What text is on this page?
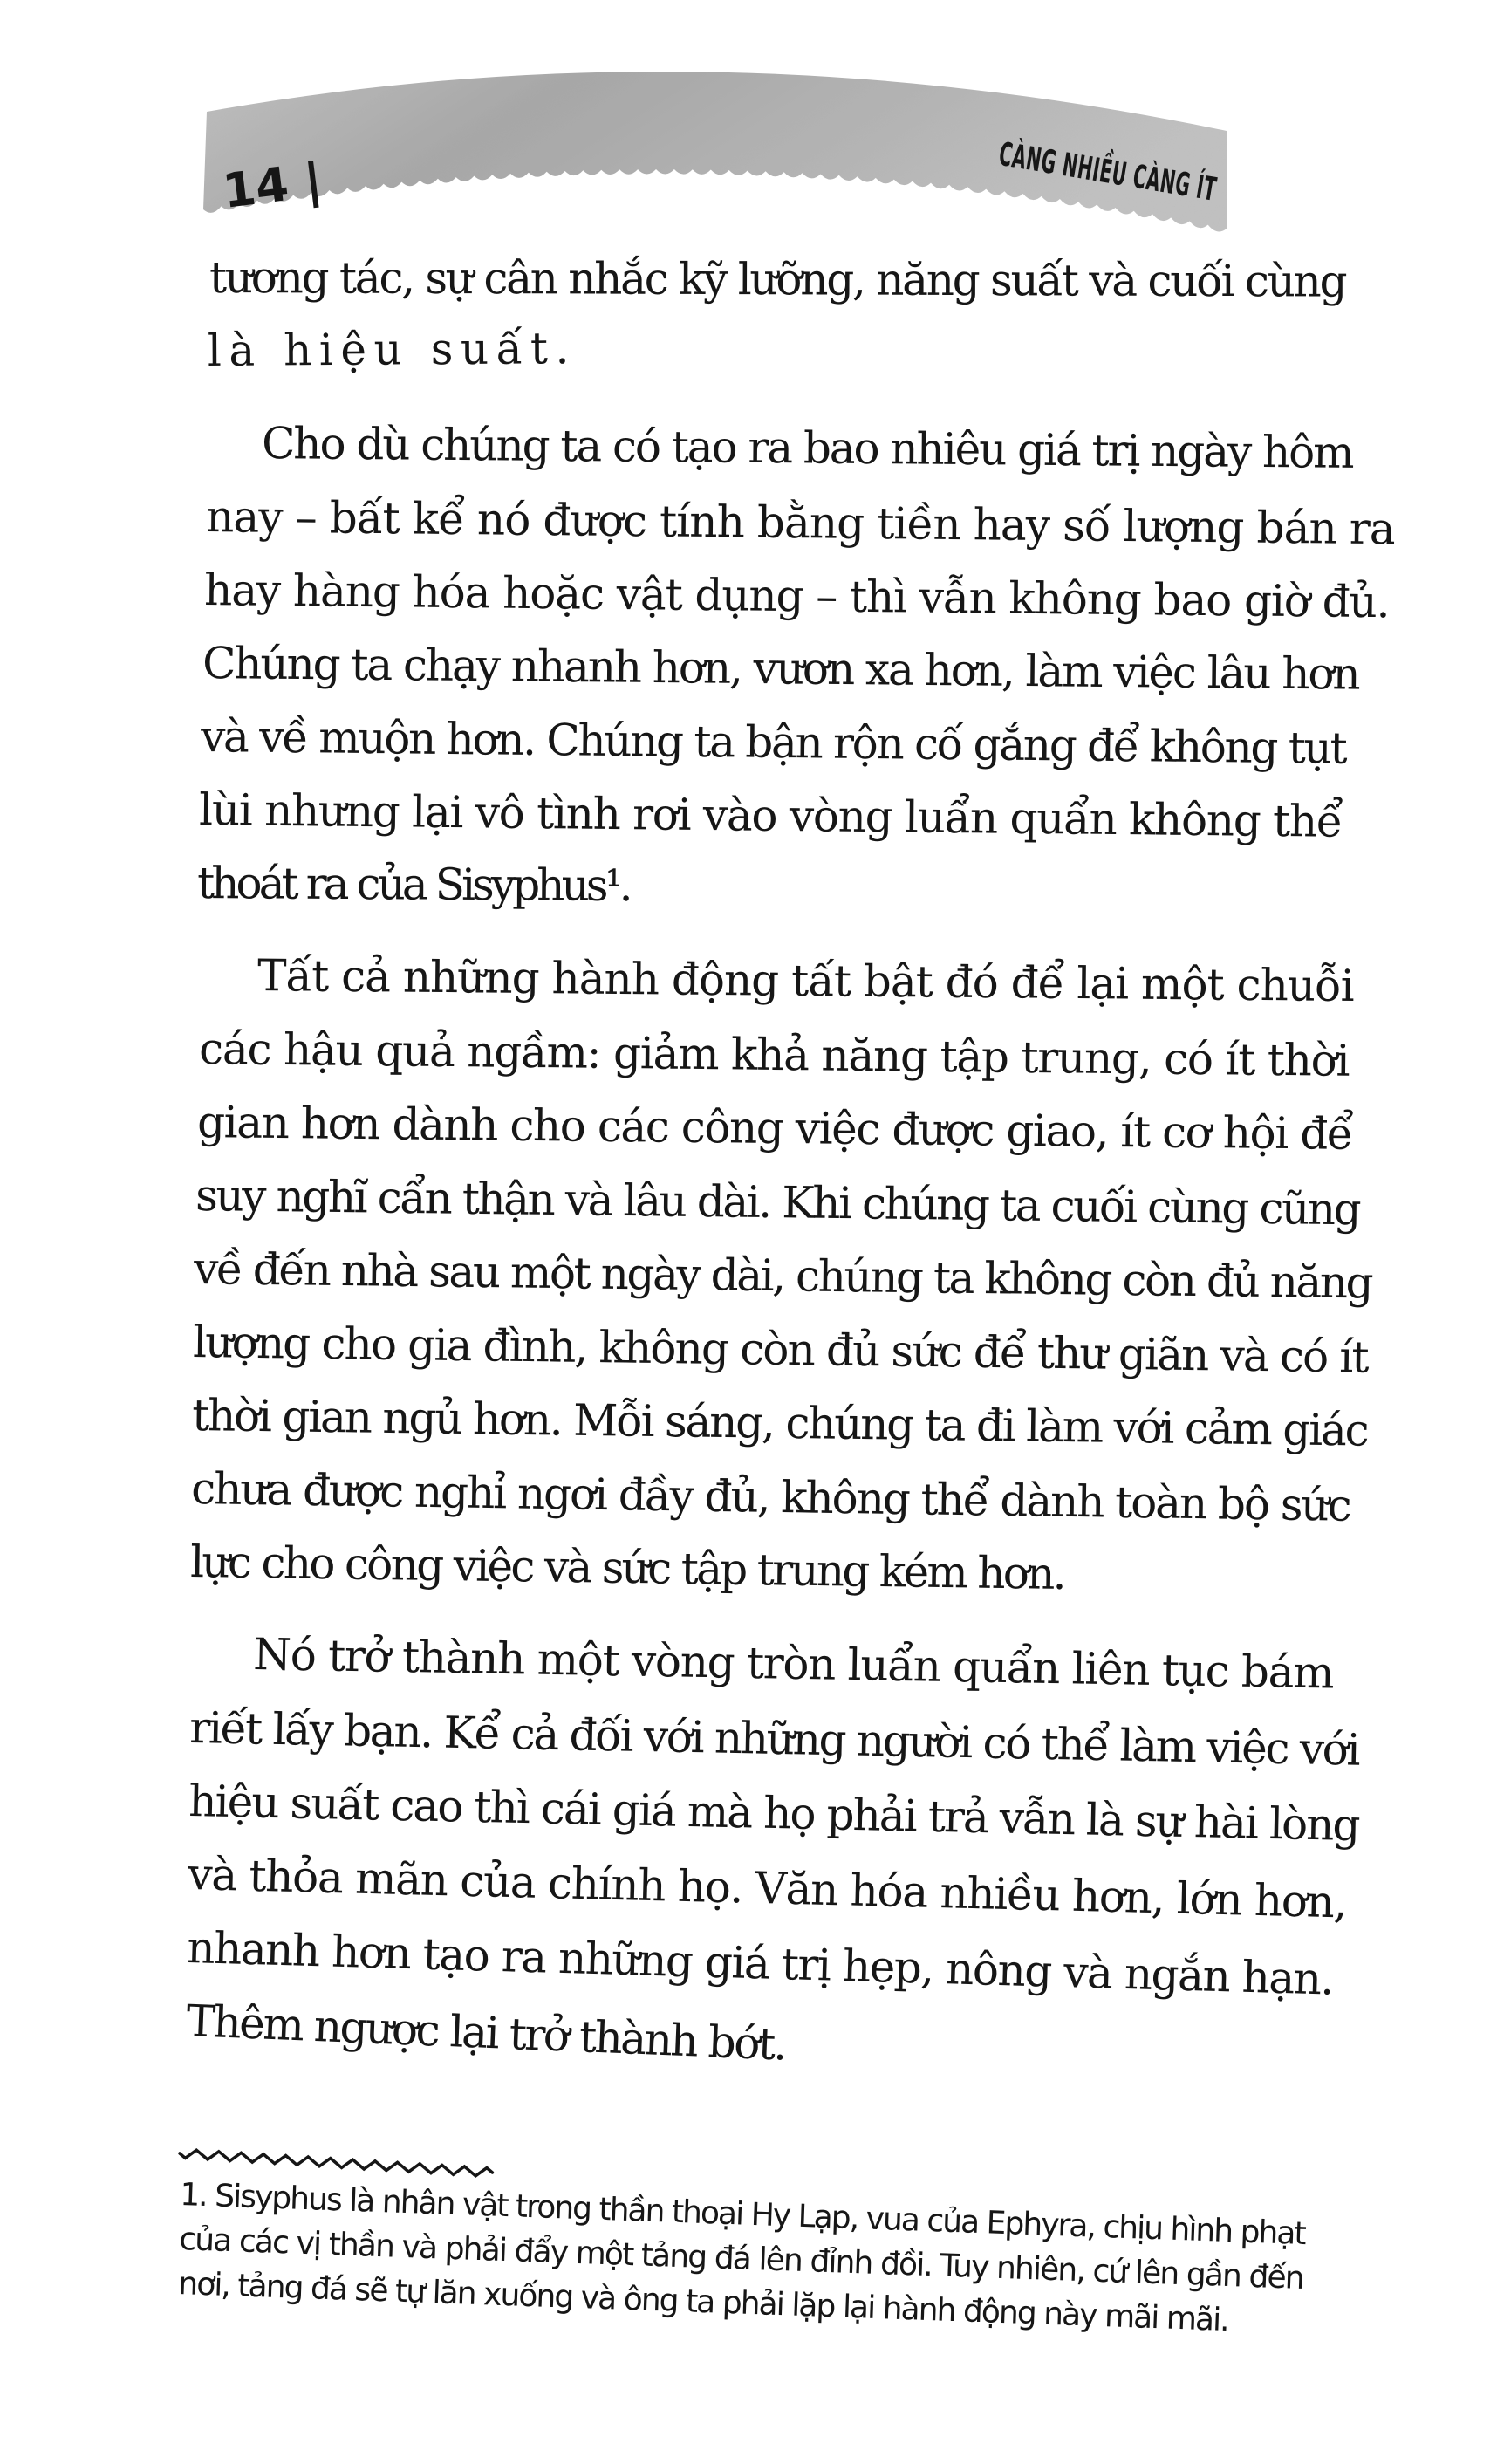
14 |	CÀNG NHIỀU CÀNG ÍT
tương tác, sự cân nhắc kỹ lưỡng, năng suất và cuối cùng
là hiệu suất.
Cho dù chúng ta có tạo ra bao nhiêu giá trị ngày hôm
nay – bất kể nó được tính bằng tiền hay số lượng bán ra
hay hàng hóa hoặc vật dụng – thì vẫn không bao giờ đủ.
Chúng ta chạy nhanh hơn, vươn xa hơn, làm việc lâu hơn
và về muộn hơn. Chúng ta bận rộn cố gắng để không tụt
lùi nhưng lại vô tình rơi vào vòng luẩn quẩn không thể
thoát ra của Sisyphus¹.
Tất cả những hành động tất bật đó để lại một chuỗi
các hậu quả ngầm: giảm khả năng tập trung, có ít thời
gian hơn dành cho các công việc được giao, ít cơ hội để
suy nghĩ cẩn thận và lâu dài. Khi chúng ta cuối cùng cũng
về đến nhà sau một ngày dài, chúng ta không còn đủ năng
lượng cho gia đình, không còn đủ sức để thư giãn và có ít
thời gian ngủ hơn. Mỗi sáng, chúng ta đi làm với cảm giác
chưa được nghỉ ngơi đầy đủ, không thể dành toàn bộ sức
lực cho công việc và sức tập trung kém hơn.
Nó trở thành một vòng tròn luẩn quẩn liên tục bám
riết lấy bạn. Kể cả đối với những người có thể làm việc với
hiệu suất cao thì cái giá mà họ phải trả vẫn là sự hài lòng
và thỏa mãn của chính họ. Văn hóa nhiều hơn, lớn hơn,
nhanh hơn tạo ra những giá trị hẹp, nông và ngắn hạn.
Thêm ngược lại trở thành bớt.
1. Sisyphus là nhân vật trong thần thoại Hy Lạp, vua của Ephyra, chịu hình phạt
của các vị thần và phải đẩy một tảng đá lên đỉnh đồi. Tuy nhiên, cứ lên gần đến
nơi, tảng đá sẽ tự lăn xuống và ông ta phải lặp lại hành động này mãi mãi.
